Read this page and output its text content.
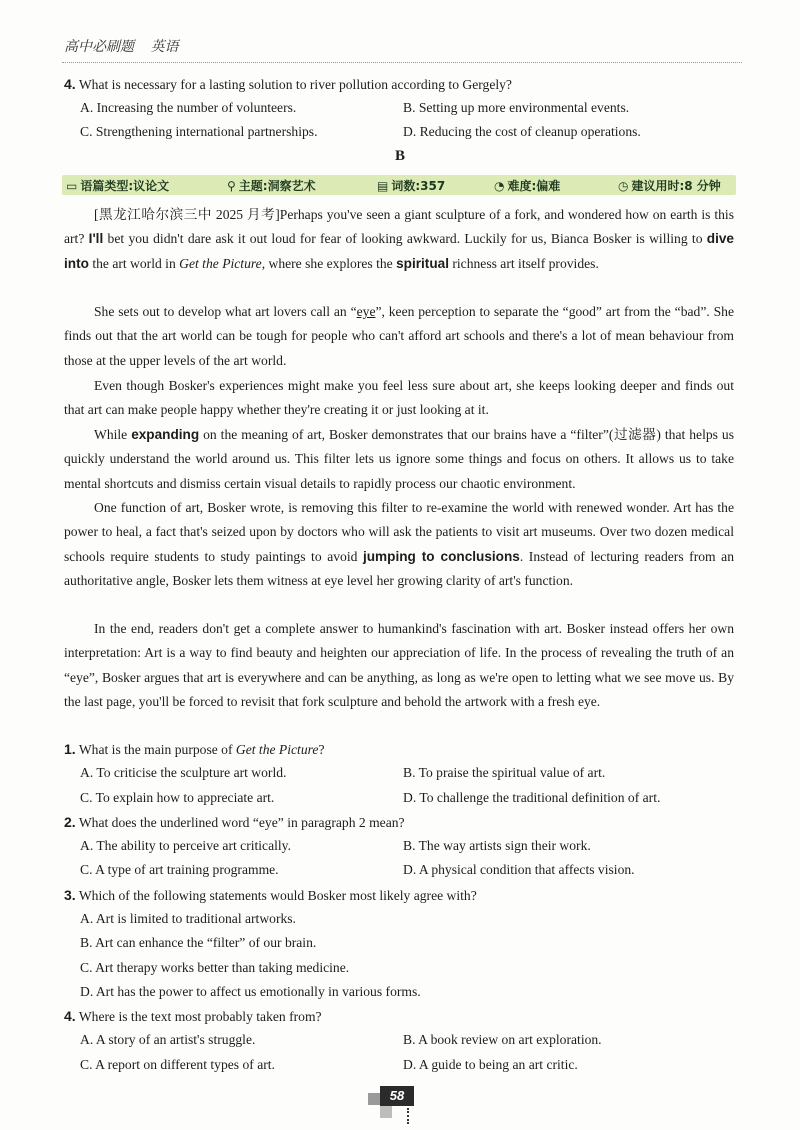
高中必刷题 英语
4. What is necessary for a lasting solution to river pollution according to Gergely?
A. Increasing the number of volunteers.	B. Setting up more environmental events.
C. Strengthening international partnerships.	D. Reducing the cost of cleanup operations.
B
▭ 语篇类型:议论文	⚲ 主题:洞察艺术	▤ 词数:357	◔ 难度:偏难	◷ 建议用时:8 分钟

[黑龙江哈尔滨三中 2025 月考]Perhaps you've seen a giant sculpture of a fork, and wondered how on earth is this art? I'll bet you didn't dare ask it out loud for fear of looking awkward. Luckily for us, Bianca Bosker is willing to dive into the art world in Get the Picture, where she explores the spiritual richness art itself provides.

She sets out to develop what art lovers call an “eye”, keen perception to separate the “good” art from the “bad”. She finds out that the art world can be tough for people who can't afford art schools and there's a lot of mean behaviour from those at the upper levels of the art world.

Even though Bosker's experiences might make you feel less sure about art, she keeps looking deeper and finds out that art can make people happy whether they're creating it or just looking at it.

While expanding on the meaning of art, Bosker demonstrates that our brains have a “filter”(过滤器) that helps us quickly understand the world around us. This filter lets us ignore some things and focus on others. It allows us to take mental shortcuts and dismiss certain visual details to rapidly process our chaotic environment.

One function of art, Bosker wrote, is removing this filter to re-examine the world with renewed wonder. Art has the power to heal, a fact that's seized upon by doctors who will ask the patients to visit art museums. Over two dozen medical schools require students to study paintings to avoid jumping to conclusions. Instead of lecturing readers from an authoritative angle, Bosker lets them witness at eye level her growing clarity of art's function.

In the end, readers don't get a complete answer to humankind's fascination with art. Bosker instead offers her own interpretation: Art is a way to find beauty and heighten our appreciation of life. In the process of revealing the truth of an “eye”, Bosker argues that art is everywhere and can be anything, as long as we're open to letting what we see move us. By the last page, you'll be forced to revisit that fork sculpture and behold the artwork with a fresh eye.

1. What is the main purpose of Get the Picture?
A. To criticise the sculpture art world.	B. To praise the spiritual value of art.
C. To explain how to appreciate art.	D. To challenge the traditional definition of art.
2. What does the underlined word “eye” in paragraph 2 mean?
A. The ability to perceive art critically.	B. The way artists sign their work.
C. A type of art training programme.	D. A physical condition that affects vision.
3. Which of the following statements would Bosker most likely agree with?
A. Art is limited to traditional artworks.
B. Art can enhance the “filter” of our brain.
C. Art therapy works better than taking medicine.
D. Art has the power to affect us emotionally in various forms.
4. Where is the text most probably taken from?
A. A story of an artist's struggle.	B. A book review on art exploration.
C. A report on different types of art.	D. A guide to being an art critic.
58
